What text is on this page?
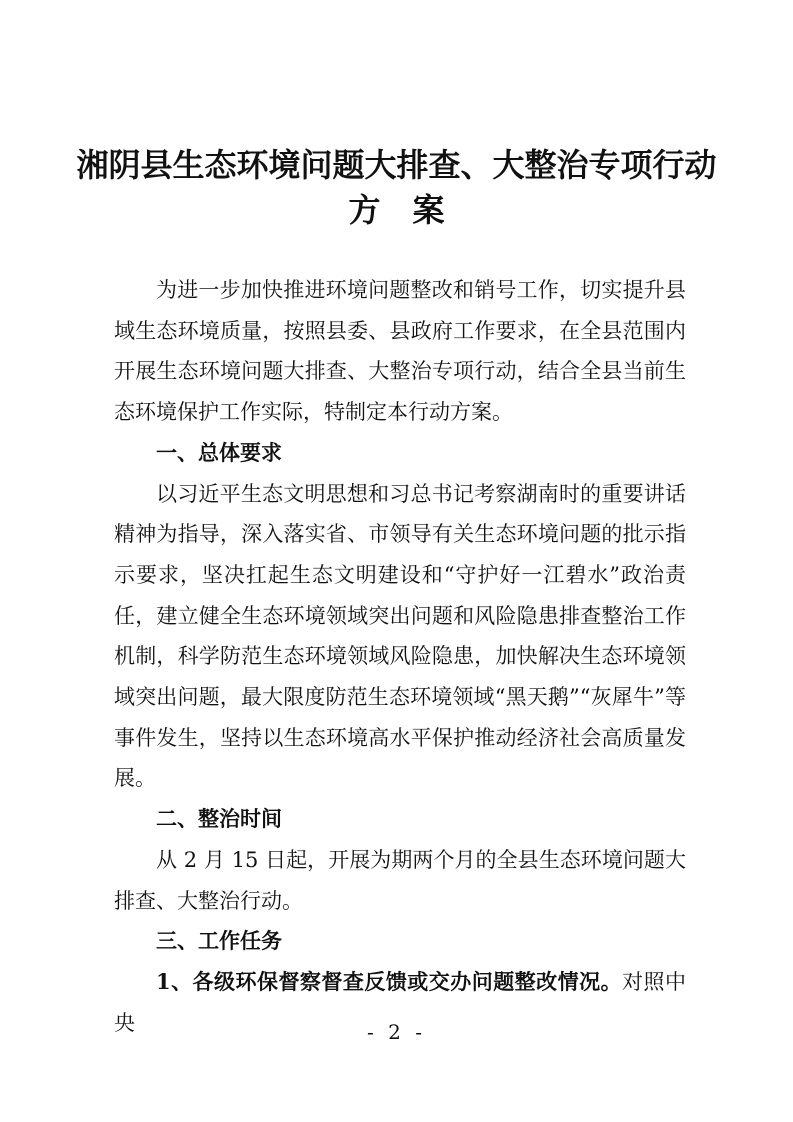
湘阴县生态环境问题大排查、大整治专项行动
方案

为进一步加快推进环境问题整改和销号工作，切实提升县域生态环境质量，按照县委、县政府工作要求，在全县范围内开展生态环境问题大排查、大整治专项行动，结合全县当前生态环境保护工作实际，特制定本行动方案。

一、总体要求

以习近平生态文明思想和习总书记考察湖南时的重要讲话精神为指导，深入落实省、市领导有关生态环境问题的批示指示要求，坚决扛起生态文明建设和“守护好一江碧水”政治责任，建立健全生态环境领域突出问题和风险隐患排查整治工作机制，科学防范生态环境领域风险隐患，加快解决生态环境领域突出问题，最大限度防范生态环境领域“黑天鹅”“灰犀牛”等事件发生，坚持以生态环境高水平保护推动经济社会高质量发展。

二、整治时间

从 2 月 15 日起，开展为期两个月的全县生态环境问题大排查、大整治行动。

三、工作任务

1、各级环保督察督查反馈或交办问题整改情况。对照中央	- 2 -
